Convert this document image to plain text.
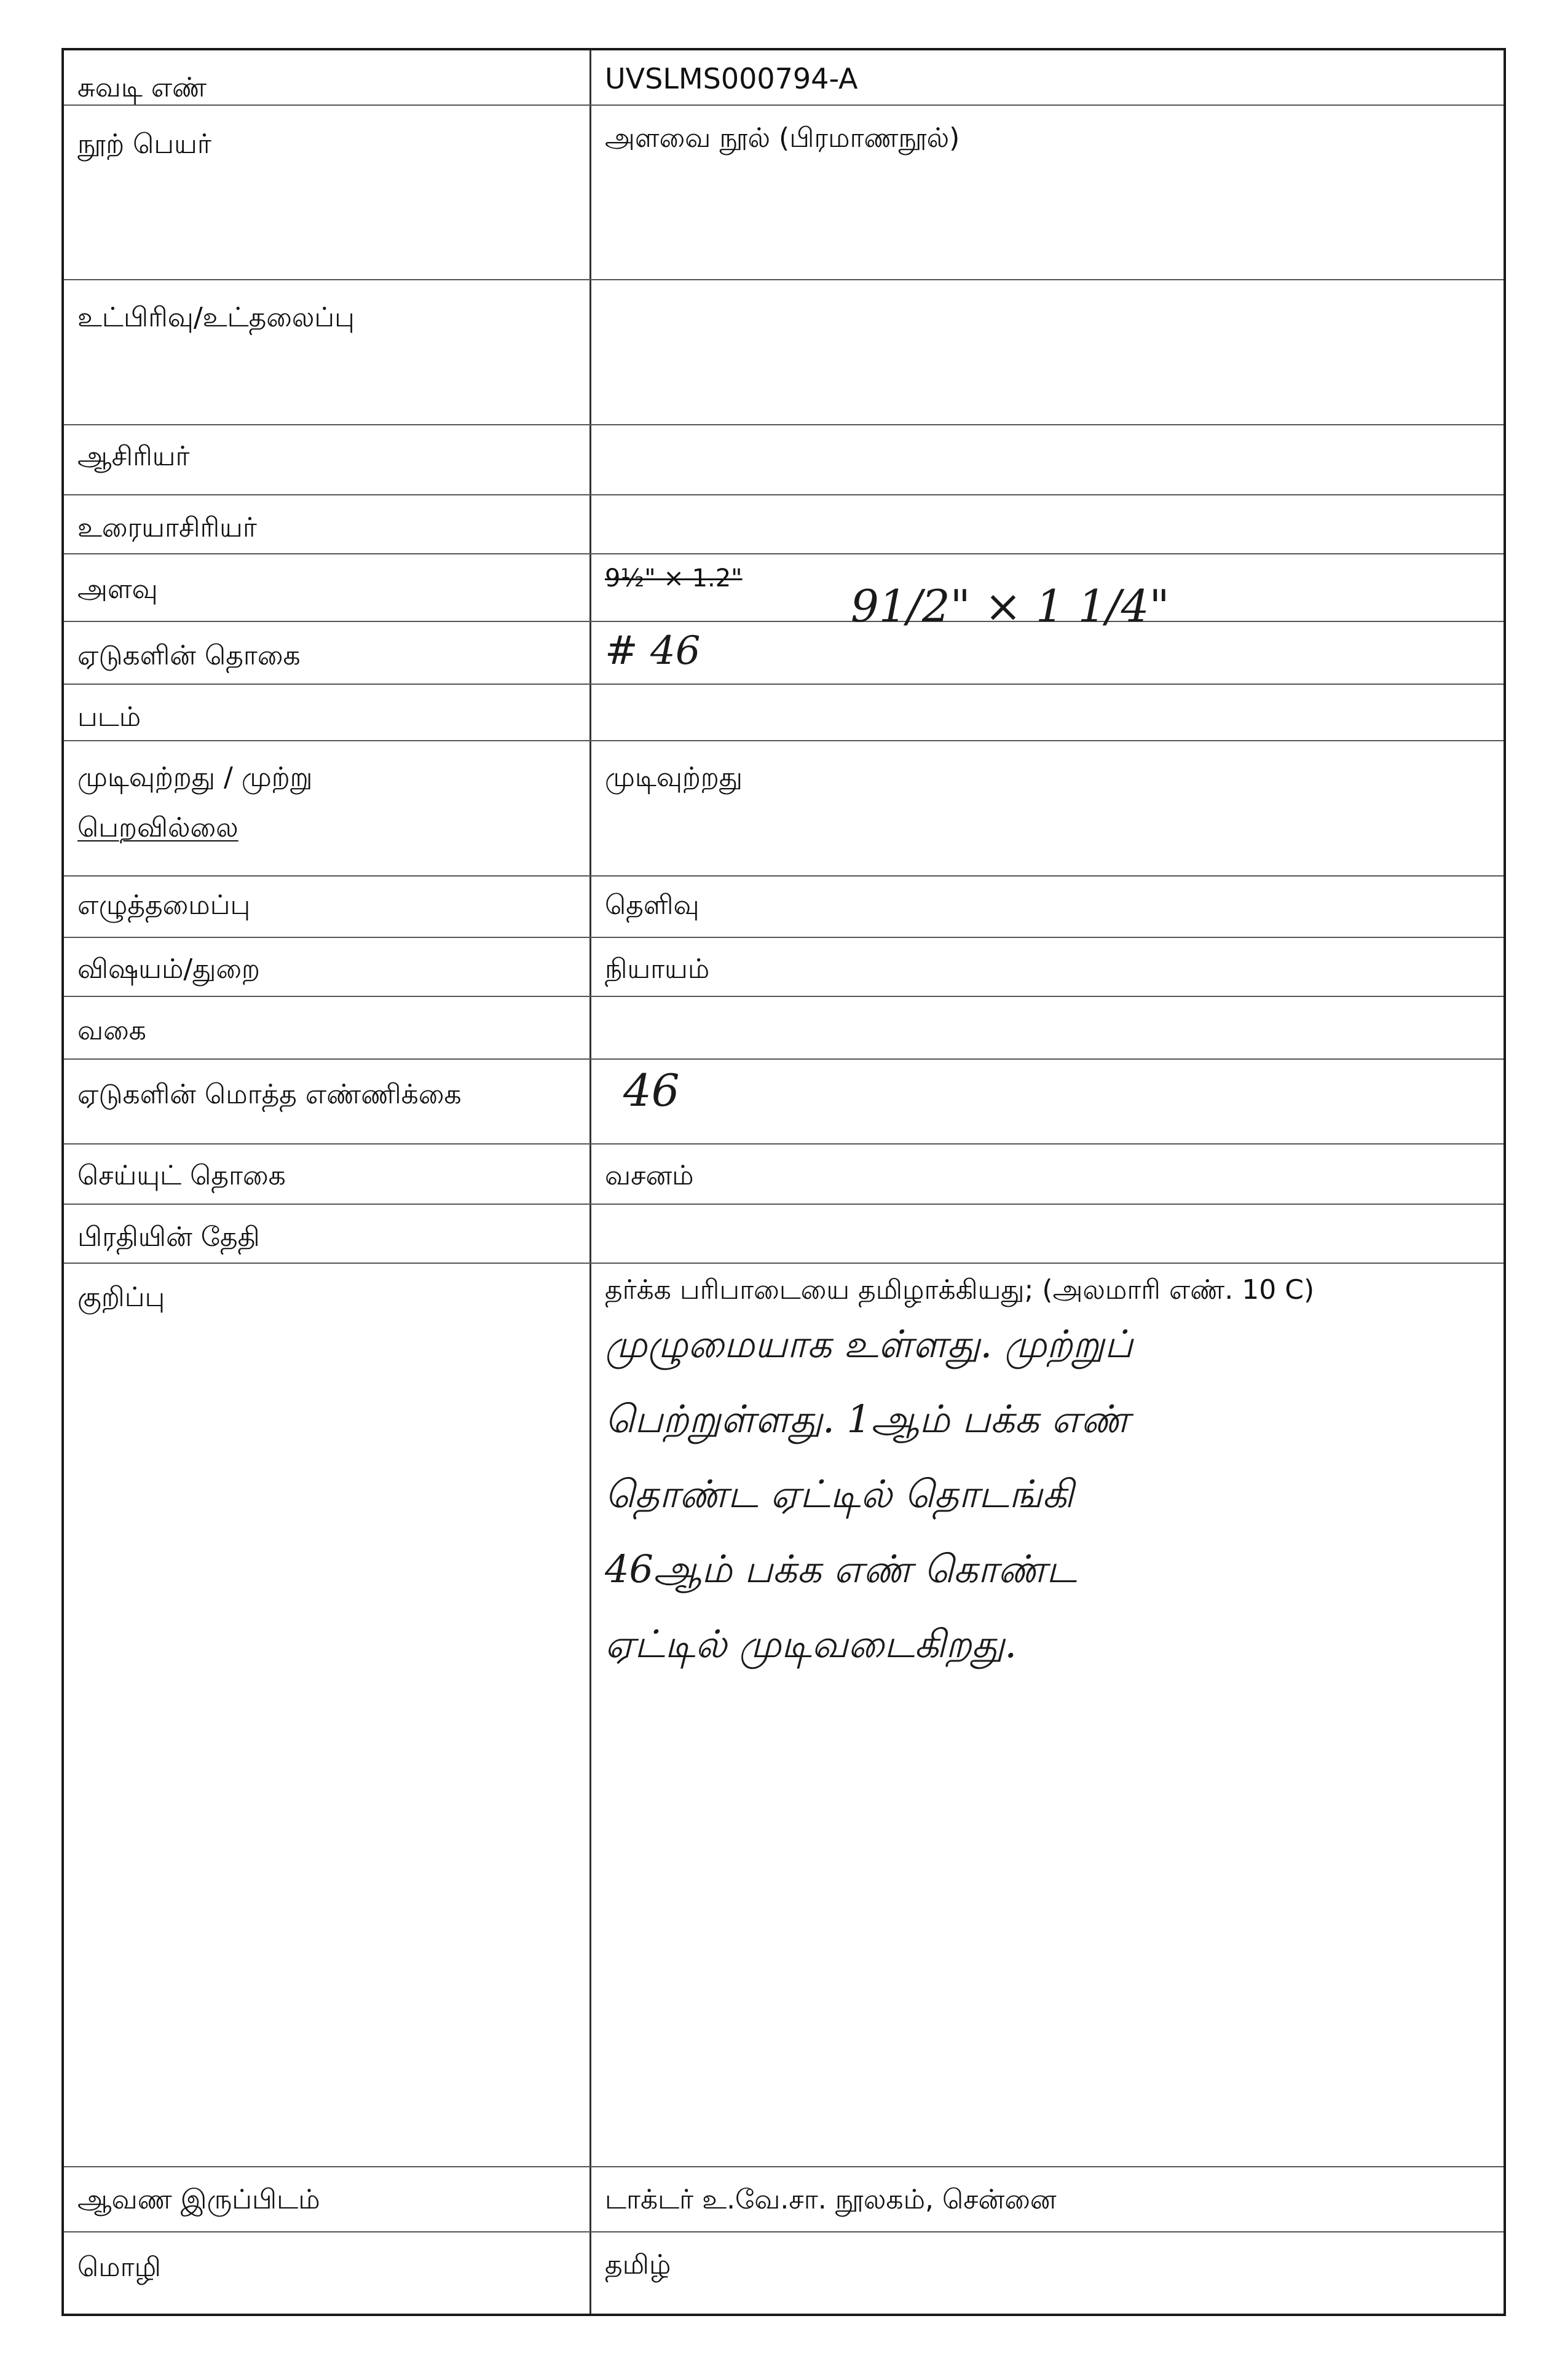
சுவடி எண்
நூற் பெயர்
உட்பிரிவு/உட்தலைப்பு
ஆசிரியர்
உரையாசிரியர்
அளவு
ஏடுகளின் தொகை
படம்
முடிவுற்றது / முற்று
பெறவில்லை
எழுத்தமைப்பு
விஷயம்/துறை
வகை
ஏடுகளின் மொத்த எண்ணிக்கை
செய்யுட் தொகை
பிரதியின் தேதி
குறிப்பு
ஆவண இருப்பிடம்
மொழி
UVSLMS000794-A
அளவை நூல் (பிரமாணநூல்)
9½" × 1.2"
முடிவுற்றது
தெளிவு
நியாயம்
வசனம்
தர்க்க பரிபாடையை தமிழாக்கியது; (அலமாரி எண். 10 C)
டாக்டர் உ.வே.சா. நூலகம், சென்னை
தமிழ்
91/2" × 1 1/4"
# 46
46
முழுமையாக உள்ளது. முற்றுப்
பெற்றுள்ளது. 1ஆம் பக்க எண்
தொண்ட ஏட்டில் தொடங்கி
46ஆம் பக்க எண் கொண்ட
ஏட்டில் முடிவடைகிறது.
